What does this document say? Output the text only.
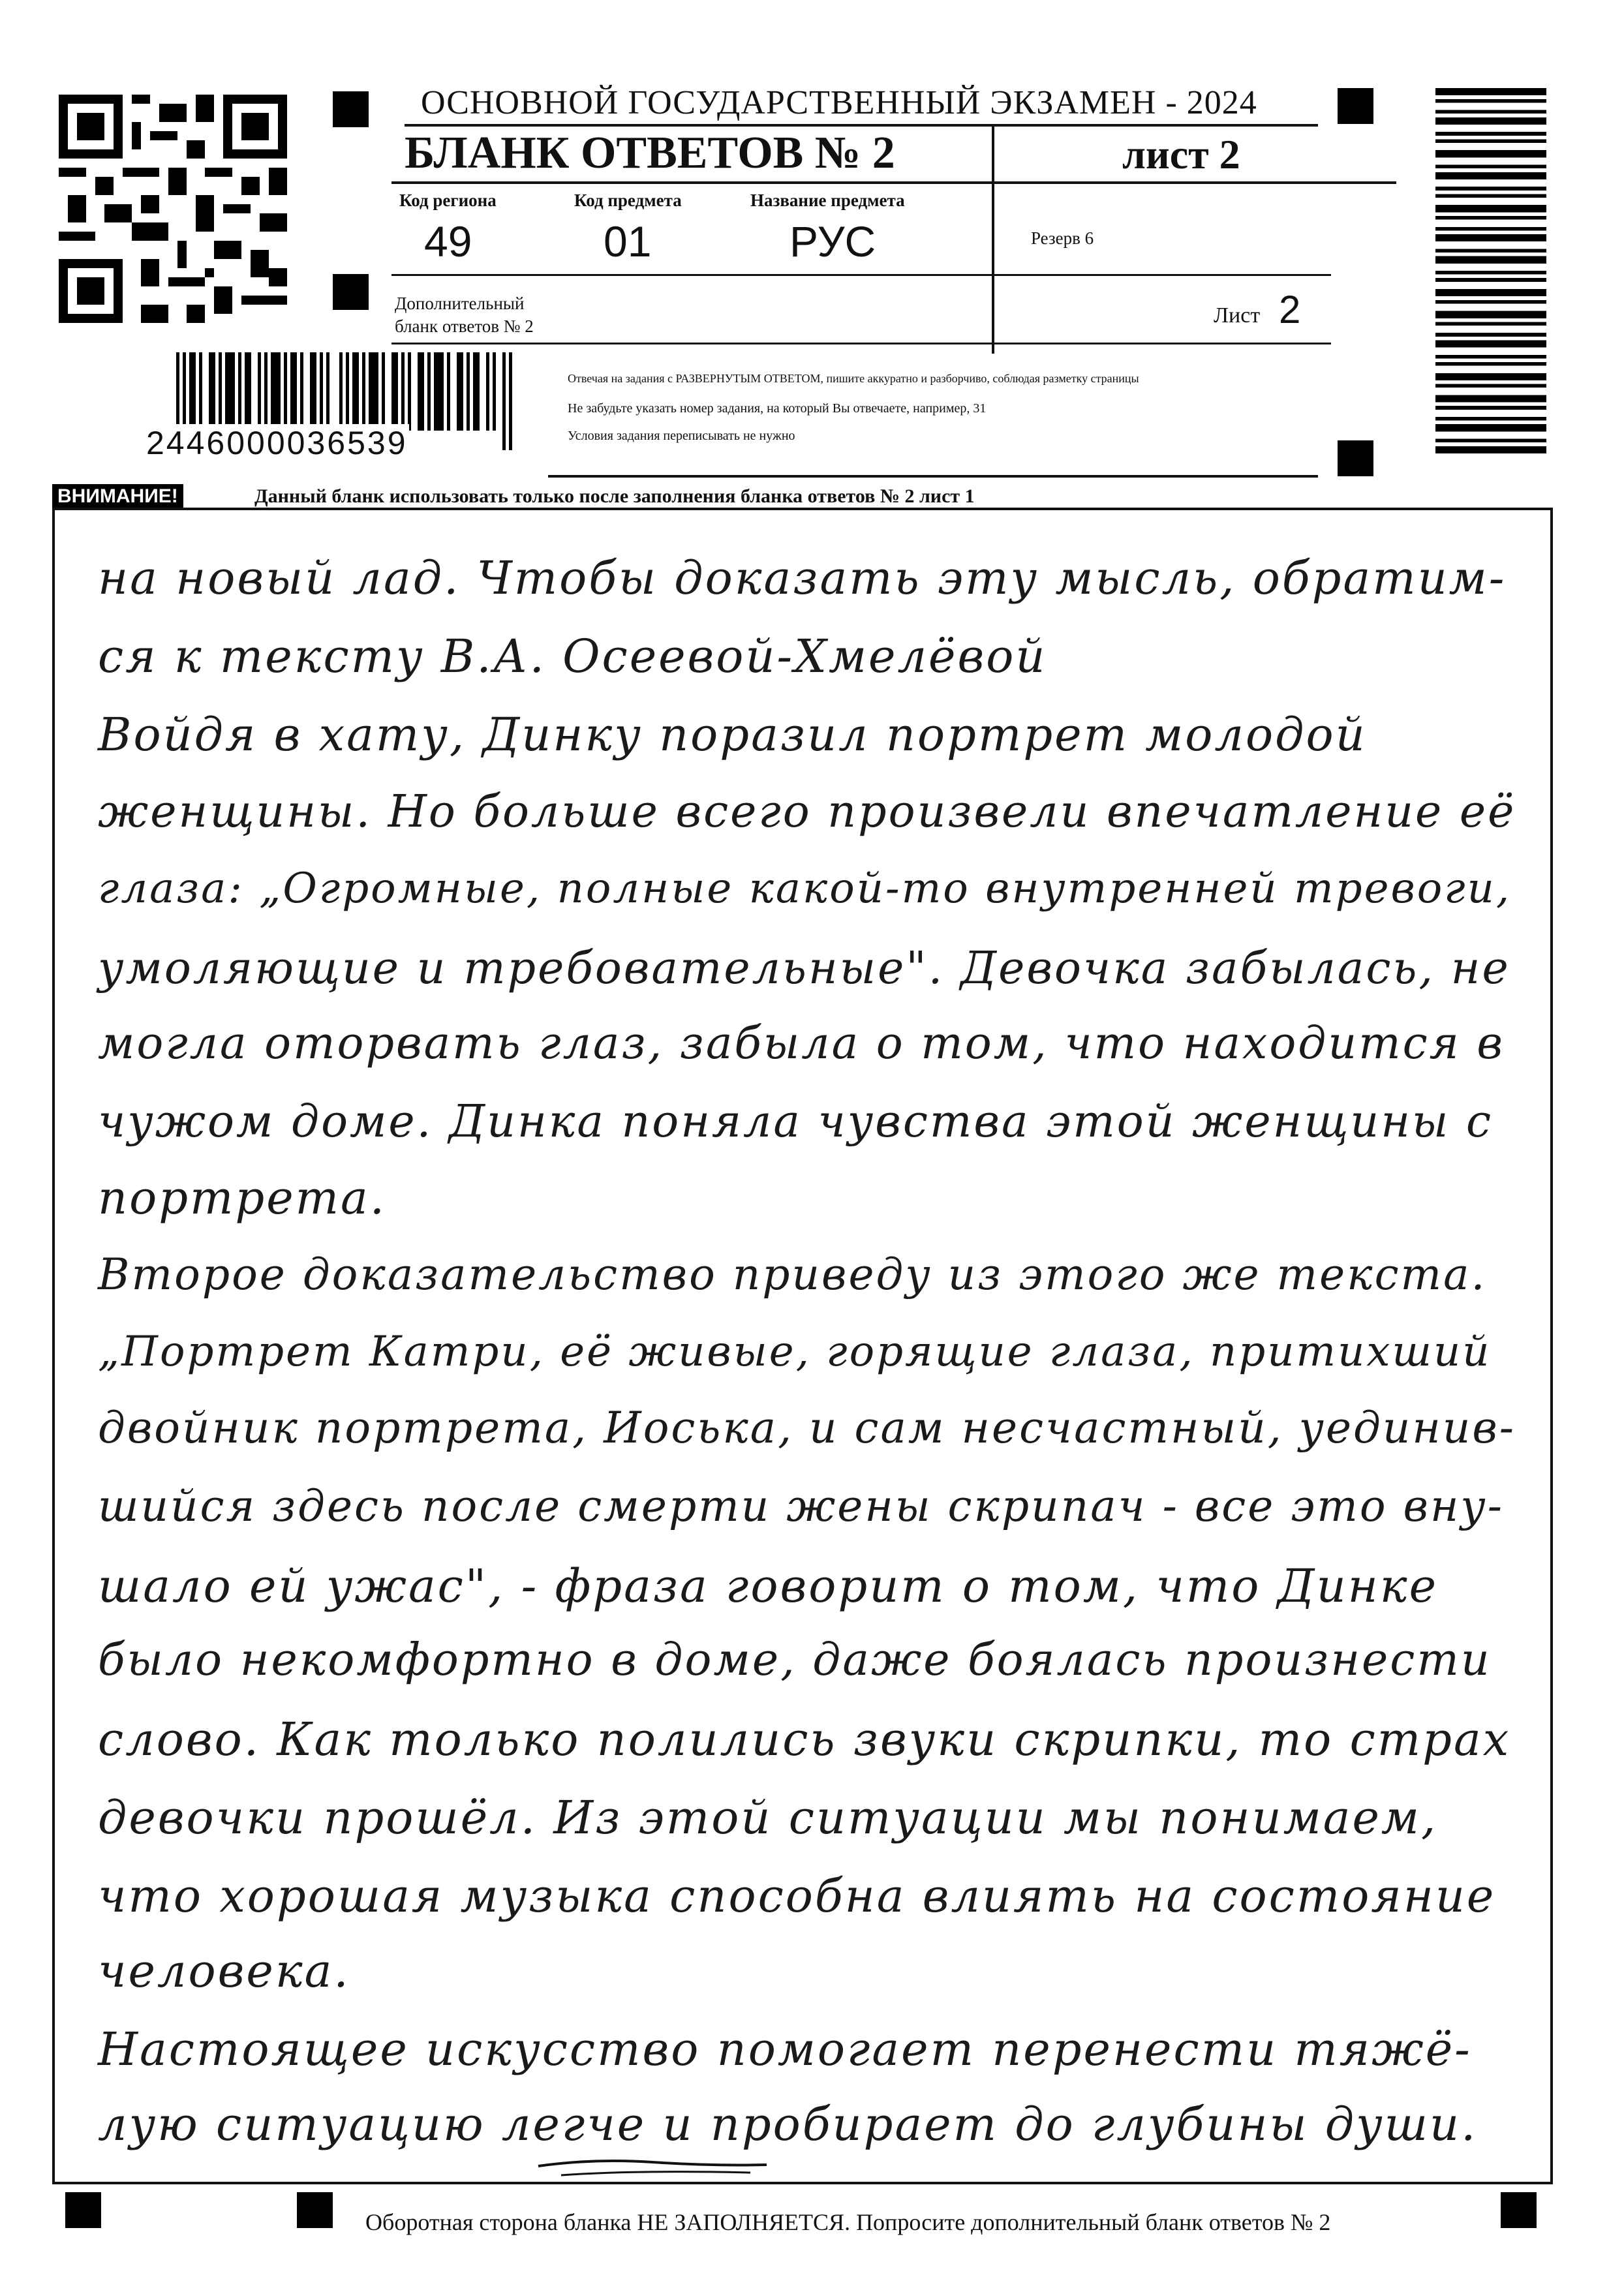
ОСНОВНОЙ ГОСУДАРСТВЕННЫЙ ЭКЗАМЕН - 2024
БЛАНК ОТВЕТОВ № 2	лист 2
Код региона
49
Код предмета
01
Название предмета
РУС	Резерв 6
Дополнительный
бланк ответов № 2	Лист 2
Отвечая на задания с РАЗВЕРНУТЫМ ОТВЕТОМ, пишите аккуратно и разборчиво, соблюдая разметку страницы
Не забудьте указать номер задания, на который Вы отвечаете, например, 31
Условия задания переписывать не нужно
2446000036539
ВНИМАНИЕ!	Данный бланк использовать только после заполнения бланка ответов № 2 лист 1
на новый лад. Чтобы доказать эту мысль, обратим-
ся к тексту В.А. Осеевой-Хмелёвой
Войдя в хату, Динку поразил портрет молодой
женщины. Но больше всего произвели впечатление её
глаза: „Огромные, полные какой-то внутренней тревоги,
умоляющие и требовательные". Девочка забылась, не
могла оторвать глаз, забыла о том, что находится в
чужом доме. Динка поняла чувства этой женщины с
портрета.
Второе доказательство приведу из этого же текста.
„Портрет Катри, её живые, горящие глаза, притихший
двойник портрета, Иоська, и сам несчастный, уединив-
шийся здесь после смерти жены скрипач - все это вну-
шало ей ужас", - фраза говорит о том, что Динке
было некомфортно в доме, даже боялась произнести
слово. Как только полились звуки скрипки, то страх
девочки прошёл. Из этой ситуации мы понимаем,
что хорошая музыка способна влиять на состояние
человека.
Настоящее искусство помогает перенести тяжё-
лую ситуацию легче и пробирает до глубины души.
Оборотная сторона бланка НЕ ЗАПОЛНЯЕТСЯ. Попросите дополнительный бланк ответов № 2
